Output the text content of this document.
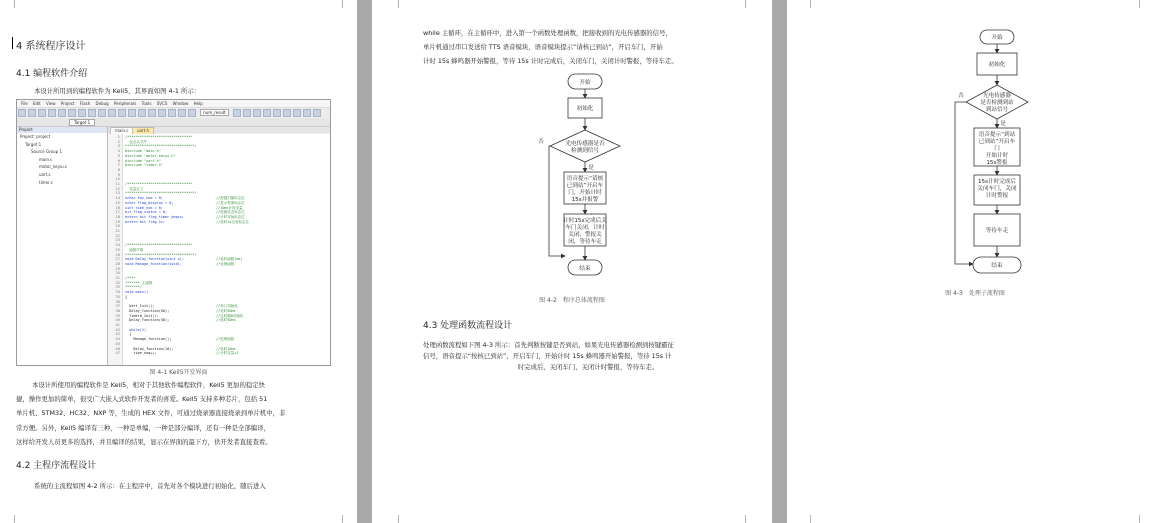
4 系统程序设计
4.1 编程软件介绍
本设计所用到的编程软件为 Keil5，其界面如图 4-1 所示：
File Edit View Project Flash Debug Peripherals Tools SVCS Window Help
num_result
Target 1
Project
Project: project
Target 1
Source Group 1
main.c
motor_keyiu.c
uart.c
timer.c
main.c	uart.h
1 /*******************************
2 包含头文件
3 *********************************/
4 #include "main.h"
5 #include "motor_keiyu.h"
6 #include "uart.h"
7 #include "timer.h"
8
9
10
11 /*******************************
12 变量定义
13 *********************************/
14 uchar key_num = 0;	//按键扫描标志位
15 uchar flag_display = 0;	//显示界面标志位
16 uint time_num = 0;	//10ms计时变量
17 bit flag_status = 0;	//检测状态标志位
18 extern bit flag_timer_begin;	//计时开始标志位
19 extern bit flag_1s;	//延时1s完成标志位
20
21
22
23
24 /*******************************
25 函数声明
26 *********************************/
27 void Delay_function(uint x);	//延时函数(ms)
28 void Manage_function(void);	//处理函数
29
30
31 /****
32 ******* 主函数
33 *******/
34 void main()
35 {
36
37 Uart_Init();	//串口初始化
38 Delay_function(50);	//延时50ms
39 Timer0_Init();	//定时器0初始化
40 Delay_function(50);	//延时50ms
41
42 while(1)
43 {
44 Manage_function();	//处理函数
45
46 Delay_function(10);	//延时10ms
47 time_num++;	//计时变量+1
图 4-1 Keil5开发界面
本设计所使用的编程软件是 Keil5，相对于其他软件编程软件，Keil5 更加的稳定快
捷，操作更加的简单，很受广大嵌入式软件开发者的喜爱。Keil5 支持多种芯片，包括 51
单片机、STM32、HC32、NXP 等，生成的 HEX 文件，可通过烧录器直接烧录到单片机中，非
常方便。另外，Keil5 编译有三种，一种是单编，一种是部分编译，还有一种是全部编译，
这样给开发人员更多的选择，并且编译的结果，显示在界面的最下方，供开发者直接查看。
4.2 主程序流程设计
系统的主流程如图 4-2 所示：在主程序中，首先对各个模块进行初始化，随后进入
while 主循环，在主循环中，进入第一个函数处理函数，把接收到的光电传感器的信号，
单片机通过串口发送给 TTS 语音模块，语音模块提示“请核已到站”，开启车门，开始
计时 15s 蜂鸣器开始警报，等待 15s 计时完成后，关闭车门，关闭计时警报，等待车走。
开始
初始化
光电传感器是否
检测到信号
否
是
语音提示“请核
已到站”开启车
门，开始计时
15s并报警
计时15s完成后关
车门关闭，计时
关闭，警报关
闭，等待车走
结束
图 4-2　程序总体流程图
4.3 处理函数流程设计
处理函数流程如下图 4-3 所示：首先判断按键是否到站，如果光电传感器检测到按键霸征
信号，语音提示“按核已到站”，开启车门，开始计时 15s 蜂鸣器开始警报，等待 15s 计
时完成后，关闭车门，关闭计时警报，等待车走。
开始
初始化
光电传感器
是否检测到站
到站信号
否
是
语音提示“到站
已到站”开启车
门
开始计时
15s警报
15s计时完成后
关闭车门，关闭
计时警报
等待车走
结束
图 4-3　处理子流程图
